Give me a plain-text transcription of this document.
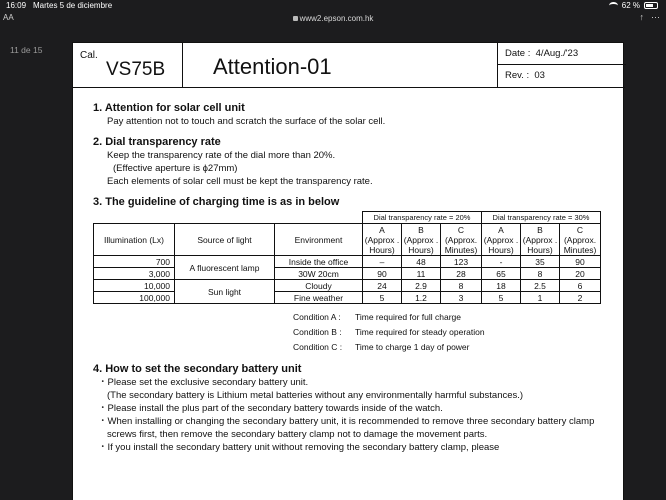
16:09 Martes 5 de diciembre	62 %
AA	www2.epson.com.hk	↑ ⋯
11 de 15	Cal.
VS75B Attention-01
Date : 4/Aug./'23
Rev. : 03
1. Attention for solar cell unit
Pay attention not to touch and scratch the surface of the solar cell.
2. Dial transparency rate
Keep the transparency rate of the dial more than 20%.
(Effective aperture is ϕ27mm)
Each elements of solar cell must be kept the transparency rate.
3. The guideline of charging time is as in below
			Dial transparency rate = 20%			Dial transparency rate = 30%		
Illumination (Lx)	Source of light	Environment	A (Approx . Hours)	B (Approx . Hours)	C (Approx. Minutes)	A (Approx . Hours)	B (Approx . Hours)	C (Approx. Minutes)
700	A fluorescent lamp	Inside the office	–	48	123	-	35	90
3,000		30W 20cm	90	11	28	65	8	20
10,000	Sun light	Cloudy	24	2.9	8	18	2.5	6
100,000		Fine weather	5	1.2	3	5	1	2
Condition A : Time required for full charge
Condition B : Time required for steady operation
Condition C : Time to charge 1 day of power
4. How to set the secondary battery unit
・Please set the exclusive secondary battery unit.
(The secondary battery is Lithium metal batteries without any environmentally harmful substances.)
・Please install the plus part of the secondary battery towards inside of the watch.
・When installing or changing the secondary battery unit, it is recommended to remove three secondary battery clamp screws first, then remove the secondary battery clamp not to damage the movement parts.
・If you install the secondary battery unit without removing the secondary battery clamp, please
